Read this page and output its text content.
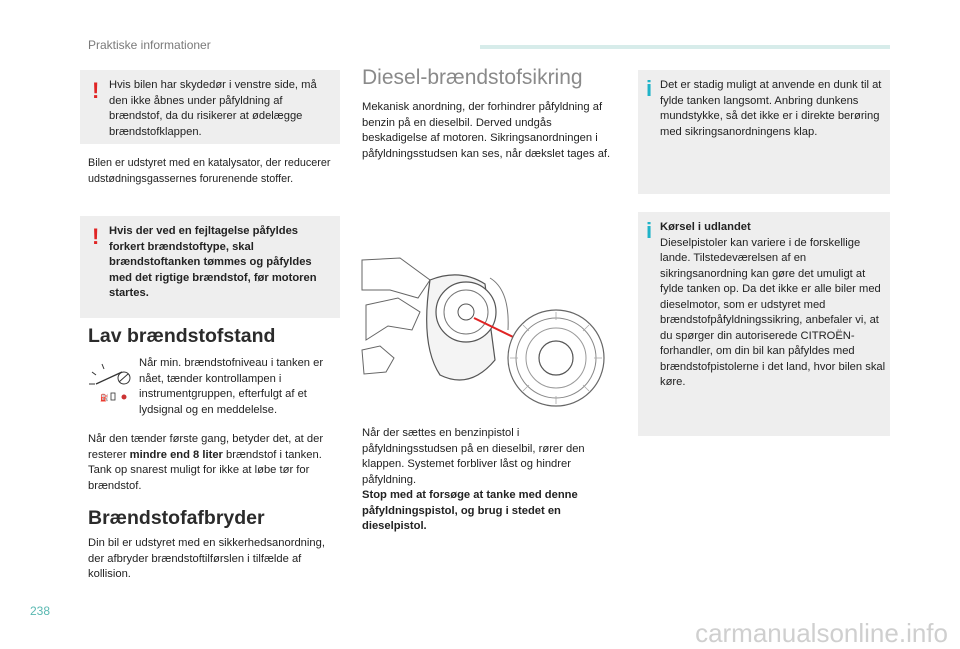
Praktiske informationer
! Hvis bilen har skydedør i venstre side, må den ikke åbnes under påfyldning af brændstof, da du risikerer at ødelægge brændstofklappen.
Bilen er udstyret med en katalysator, der reducerer udstødningsgassernes forurenende stoffer.
! Hvis der ved en fejltagelse påfyldes forkert brændstoftype, skal brændstoftanken tømmes og påfyldes med det rigtige brændstof, før motoren startes.
Lav brændstofstand
⛽
Når min. brændstofniveau i tanken er nået, tænder kontrollampen i instrumentgruppen, efterfulgt af et lydsignal og en meddelelse.
Når den tænder første gang, betyder det, at der resterer mindre end 8 liter brændstof i tanken. Tank op snarest muligt for ikke at løbe tør for brændstof.
Brændstofafbryder
Din bil er udstyret med en sikkerhedsanordning, der afbryder brændstoftilførslen i tilfælde af kollision.
Diesel-brændstofsikring
Mekanisk anordning, der forhindrer påfyldning af benzin på en dieselbil. Derved undgås beskadigelse af motoren. Sikringsanordningen i påfyldningsstudsen kan ses, når dækslet tages af.
Når der sættes en benzinpistol i påfyldningsstudsen på en dieselbil, rører den klappen. Systemet forbliver låst og hindrer påfyldning.
Stop med at forsøge at tanke med denne påfyldningspistol, og brug i stedet en dieselpistol.
i Det er stadig muligt at anvende en dunk til at fylde tanken langsomt. Anbring dunkens mundstykke, så det ikke er i direkte berøring med sikringsanordningens klap.
i Kørsel i udlandet
Dieselpistoler kan variere i de forskellige lande. Tilstedeværelsen af en sikringsanordning kan gøre det umuligt at fylde tanken op. Da det ikke er alle biler med dieselmotor, som er udstyret med brændstofpåfyldningssikring, anbefaler vi, at du spørger din autoriserede CITROËN-forhandler, om din bil kan påfyldes med brændstofpistolerne i det land, hvor bilen skal køre.
238
carmanualsonline.info
